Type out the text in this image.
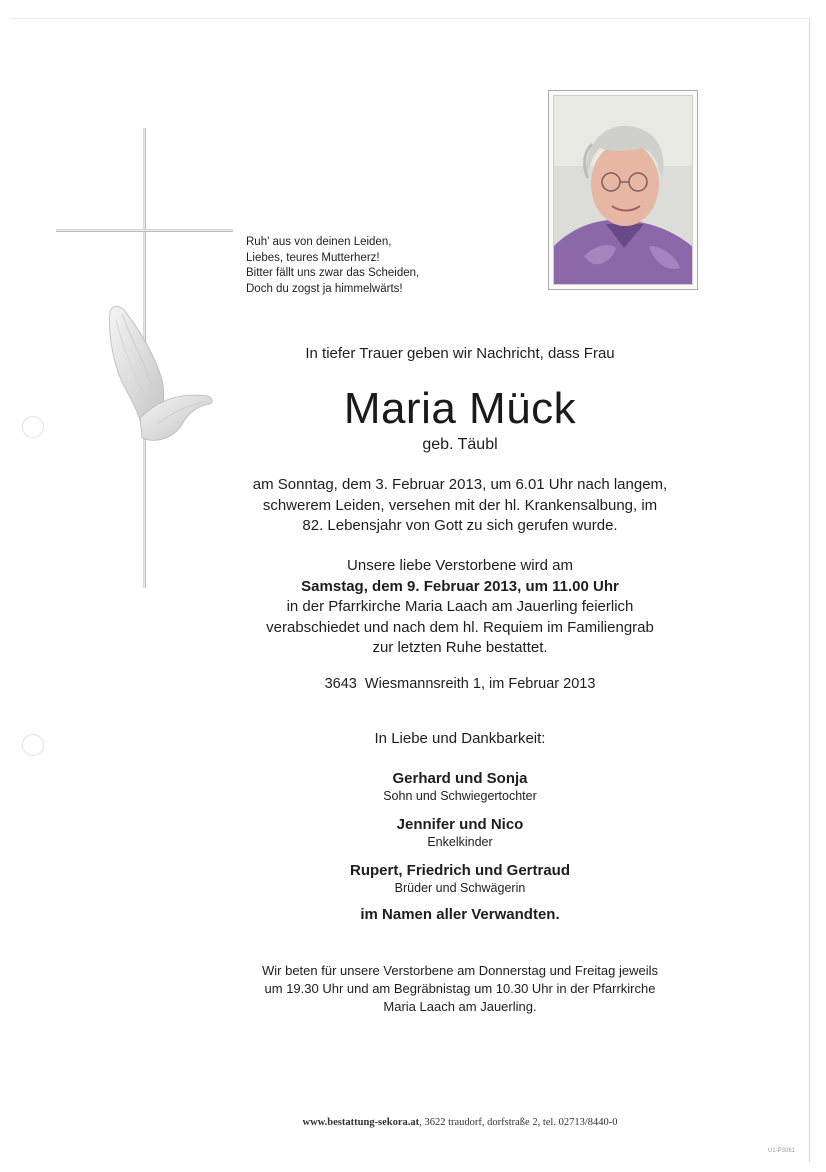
Ruh' aus von deinen Leiden,
Liebes, teures Mutterherz!
Bitter fällt uns zwar das Scheiden,
Doch du zogst ja himmelwärts!
In tiefer Trauer geben wir Nachricht, dass Frau
Maria Mück
geb. Täubl
am Sonntag, dem 3. Februar 2013, um 6.01 Uhr nach langem,
schwerem Leiden, versehen mit der hl. Krankensalbung, im
82. Lebensjahr von Gott zu sich gerufen wurde.
Unsere liebe Verstorbene wird am
Samstag, dem 9. Februar 2013, um 11.00 Uhr
in der Pfarrkirche Maria Laach am Jauerling feierlich
verabschiedet und nach dem hl. Requiem im Familiengrab
zur letzten Ruhe bestattet.
3643  Wiesmannsreith 1, im Februar 2013
In Liebe und Dankbarkeit:
Gerhard und Sonja
Sohn und Schwiegertochter
Jennifer und Nico
Enkelkinder
Rupert, Friedrich und Gertraud
Brüder und Schwägerin
im Namen aller Verwandten.
Wir beten für unsere Verstorbene am Donnerstag und Freitag jeweils
um 19.30 Uhr und am Begräbnistag um 10.30 Uhr in der Pfarrkirche
Maria Laach am Jauerling.
www.bestattung-sekora.at, 3622 traudorf, dorfstraße 2, tel. 02713/8440-0
U1-P3061
